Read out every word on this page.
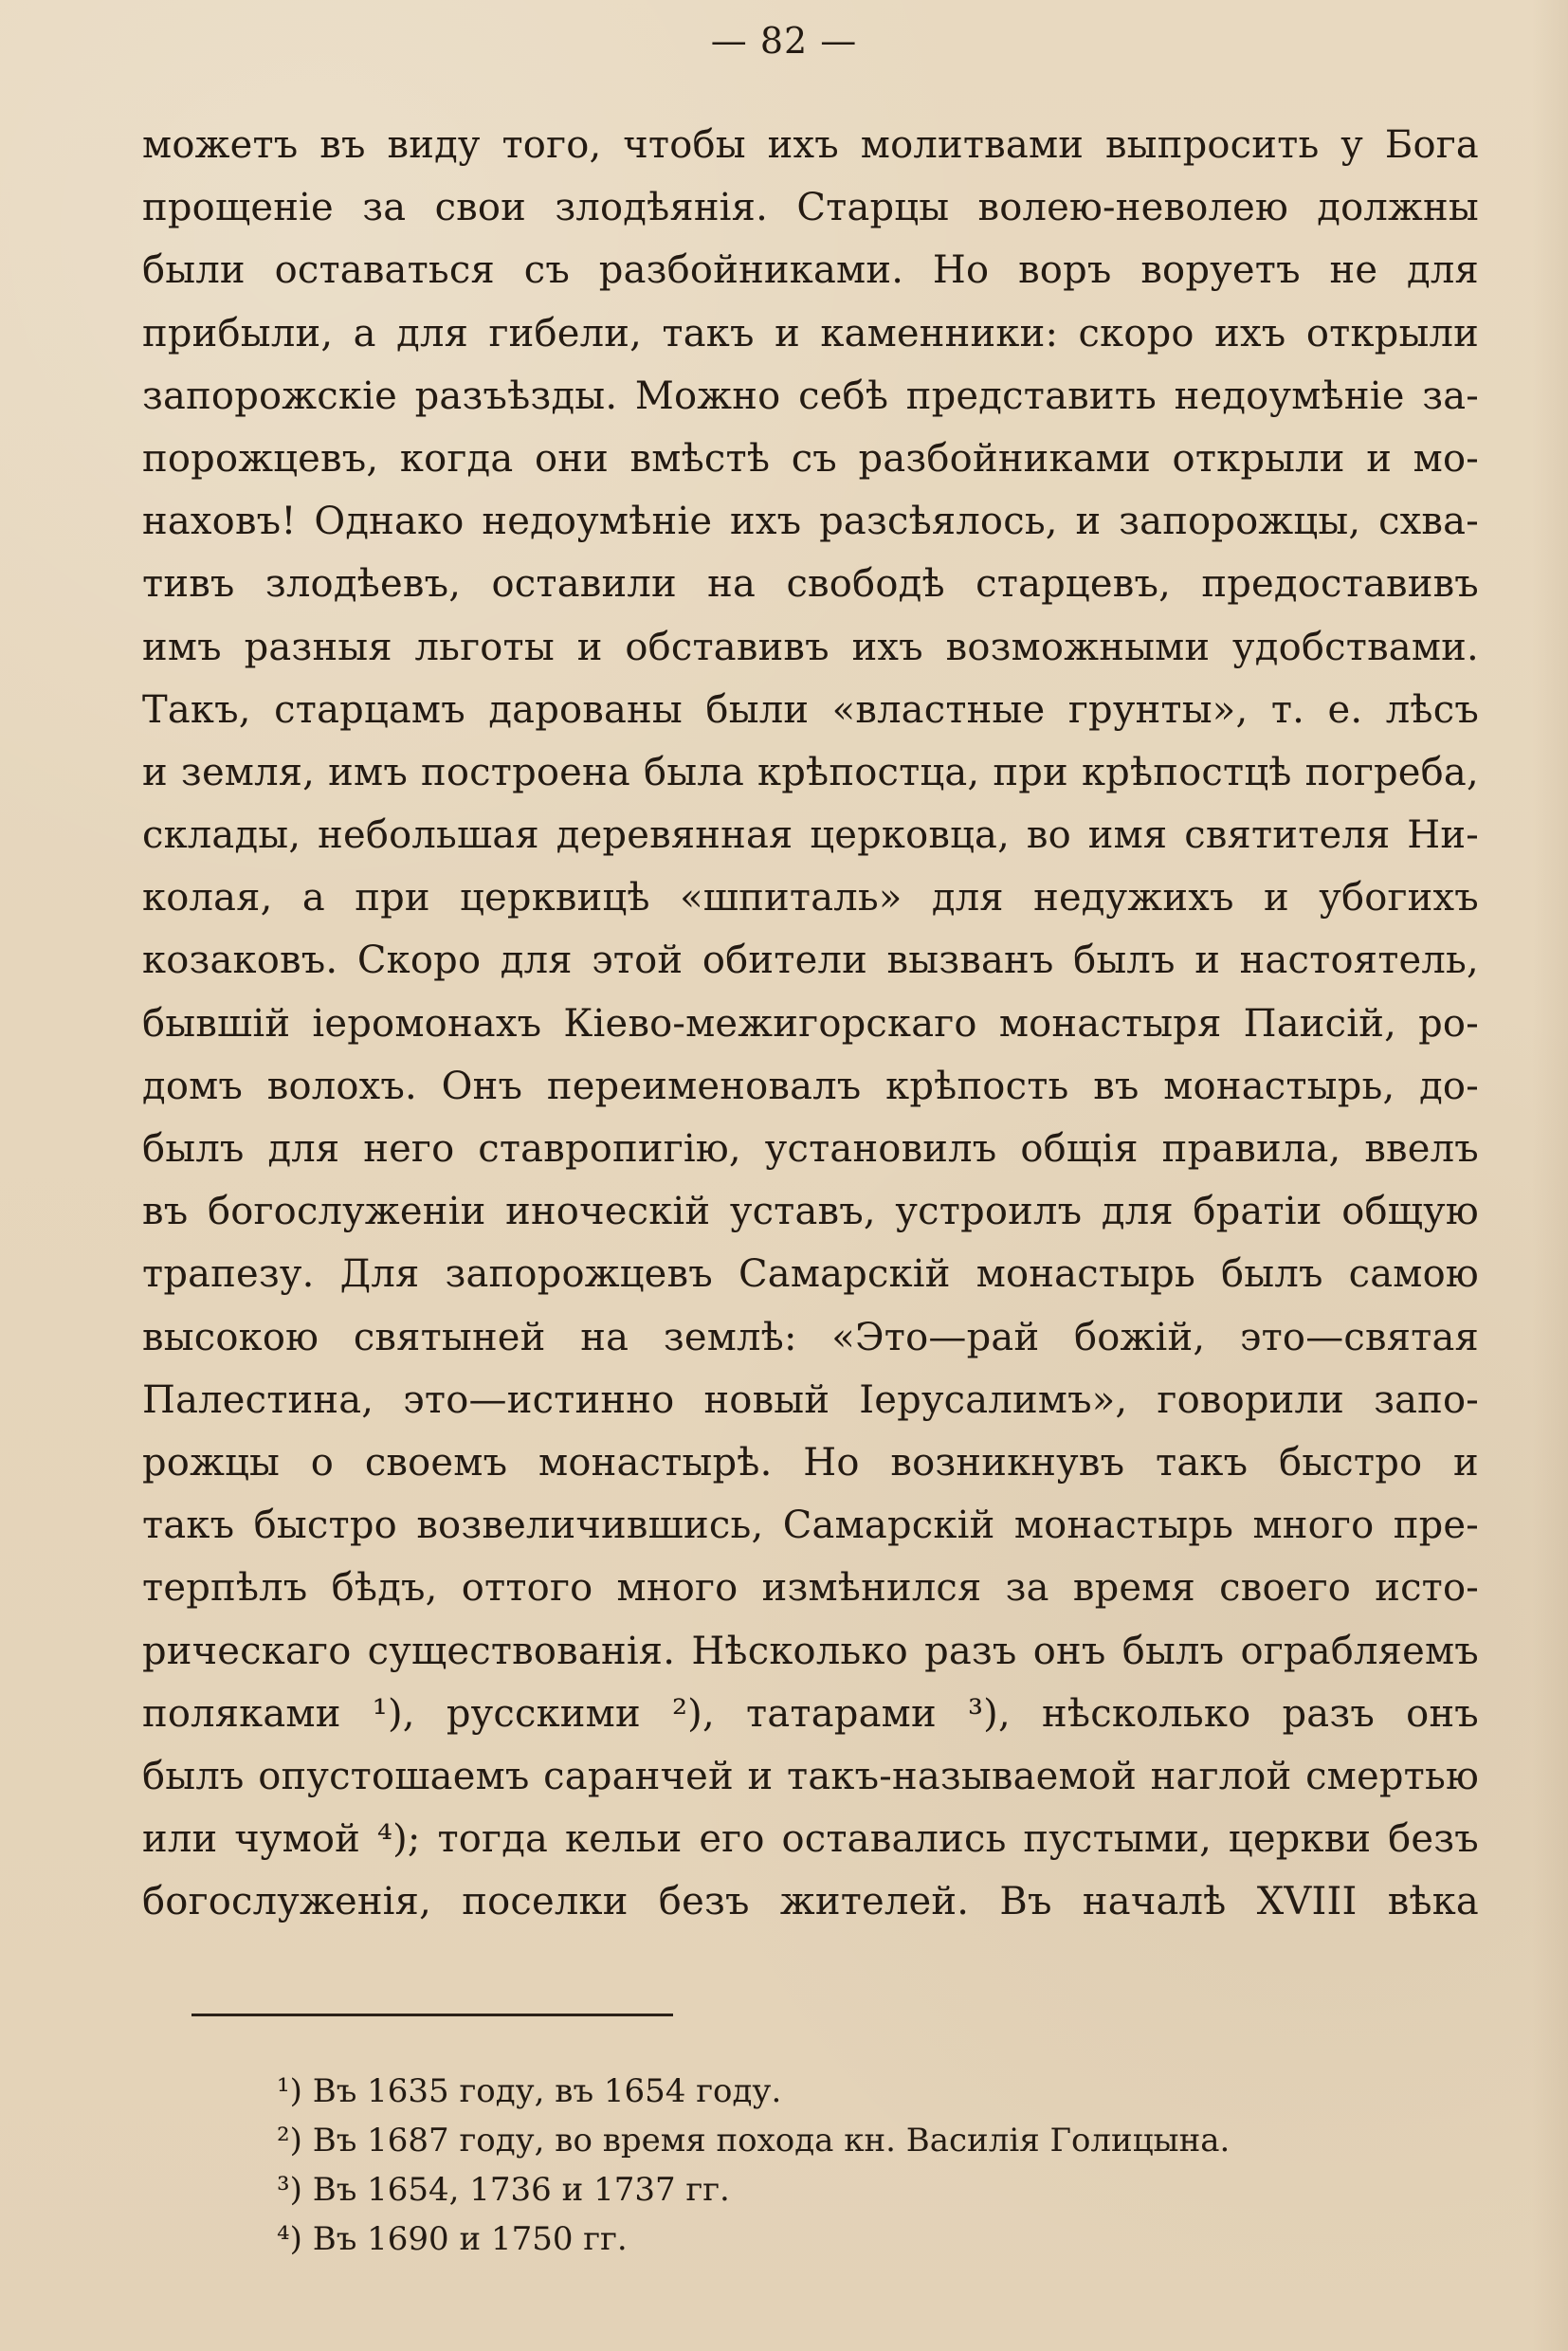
— 82 —
можетъ въ виду того, чтобы ихъ молитвами выпросить у Бога
прощеніе за свои злодѣянія. Старцы волею-неволею должны
были оставаться съ разбойниками. Но воръ воруетъ не для
прибыли, а для гибели, такъ и каменники: скоро ихъ открыли
запорожскіе разъѣзды. Можно себѣ представить недоумѣніе за-
порожцевъ, когда они вмѣстѣ съ разбойниками открыли и мо-
наховъ! Однако недоумѣніе ихъ разсѣялось, и запорожцы, схва-
тивъ злодѣевъ, оставили на свободѣ старцевъ, предоставивъ
имъ разныя льготы и обставивъ ихъ возможными удобствами.
Такъ, старцамъ дарованы были «властные грунты», т. е. лѣсъ
и земля, имъ построена была крѣпостца, при крѣпостцѣ погреба,
склады, небольшая деревянная церковца, во имя святителя Ни-
колая, а при церквицѣ «шпиталь» для недужихъ и убогихъ
козаковъ. Скоро для этой обители вызванъ былъ и настоятель,
бывшій іеромонахъ Кіево-межигорскаго монастыря Паисій, ро-
домъ волохъ. Онъ переименовалъ крѣпость въ монастырь, до-
былъ для него ставропигію, установилъ общія правила, ввелъ
въ богослуженіи иноческій уставъ, устроилъ для братіи общую
трапезу. Для запорожцевъ Самарскій монастырь былъ самою
высокою святыней на землѣ: «Это—рай божій, это—святая
Палестина, это—истинно новый Іерусалимъ», говорили запо-
рожцы о своемъ монастырѣ. Но возникнувъ такъ быстро и
такъ быстро возвеличившись, Самарскій монастырь много пре-
терпѣлъ бѣдъ, оттого много измѣнился за время своего исто-
рическаго существованія. Нѣсколько разъ онъ былъ ограбляемъ
поляками ¹), русскими ²), татарами ³), нѣсколько разъ онъ
былъ опустошаемъ саранчей и такъ-называемой наглой смертью
или чумой ⁴); тогда кельи его оставались пустыми, церкви безъ
богослуженія, поселки безъ жителей. Въ началѣ XVIII вѣка
¹) Въ 1635 году, въ 1654 году.
²) Въ 1687 году, во время похода кн. Василія Голицына.
³) Въ 1654, 1736 и 1737 гг.
⁴) Въ 1690 и 1750 гг.
